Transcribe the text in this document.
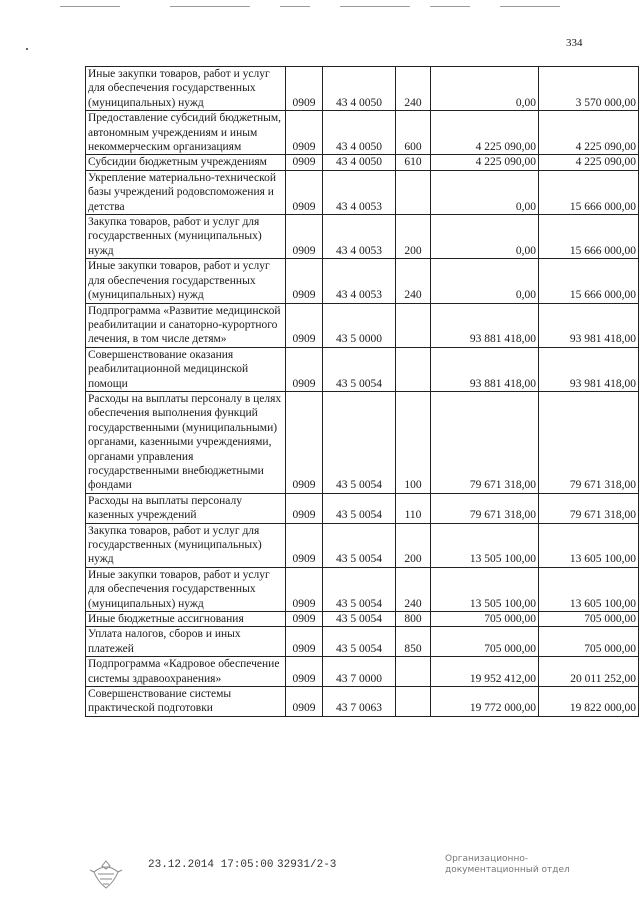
334
Иные закупки товаров, работ и услуг для обеспечения государственных (муниципальных) нужд	0909	43 4 0050	240	0,00	3 570 000,00
Предоставление субсидий бюджетным, автономным учреждениям и иным некоммерческим организациям	0909	43 4 0050	600	4 225 090,00	4 225 090,00
Субсидии бюджетным учреждениям	0909	43 4 0050	610	4 225 090,00	4 225 090,00
Укрепление материально-технической базы учреждений родовспоможения и детства	0909	43 4 0053		0,00	15 666 000,00
Закупка товаров, работ и услуг для государственных (муниципальных) нужд	0909	43 4 0053	200	0,00	15 666 000,00
Иные закупки товаров, работ и услуг для обеспечения государственных (муниципальных) нужд	0909	43 4 0053	240	0,00	15 666 000,00
Подпрограмма «Развитие медицинской реабилитации и санаторно-курортного лечения, в том числе детям»	0909	43 5 0000		93 881 418,00	93 981 418,00
Совершенствование оказания реабилитационной медицинской помощи	0909	43 5 0054		93 881 418,00	93 981 418,00
Расходы на выплаты персоналу в целях обеспечения выполнения функций государственными (муниципальными) органами, казенными учреждениями, органами управления государственными внебюджетными фондами	0909	43 5 0054	100	79 671 318,00	79 671 318,00
Расходы на выплаты персоналу казенных учреждений	0909	43 5 0054	110	79 671 318,00	79 671 318,00
Закупка товаров, работ и услуг для государственных (муниципальных) нужд	0909	43 5 0054	200	13 505 100,00	13 605 100,00
Иные закупки товаров, работ и услуг для обеспечения государственных (муниципальных) нужд	0909	43 5 0054	240	13 505 100,00	13 605 100,00
Иные бюджетные ассигнования	0909	43 5 0054	800	705 000,00	705 000,00
Уплата налогов, сборов и иных платежей	0909	43 5 0054	850	705 000,00	705 000,00
Подпрограмма «Кадровое обеспечение системы здравоохранения»	0909	43 7 0000		19 952 412,00	20 011 252,00
Совершенствование системы практической подготовки	0909	43 7 0063		19 772 000,00	19 822 000,00
23.12.2014 17:05:00 32931/2-3	Организационно-
документационный отдел
